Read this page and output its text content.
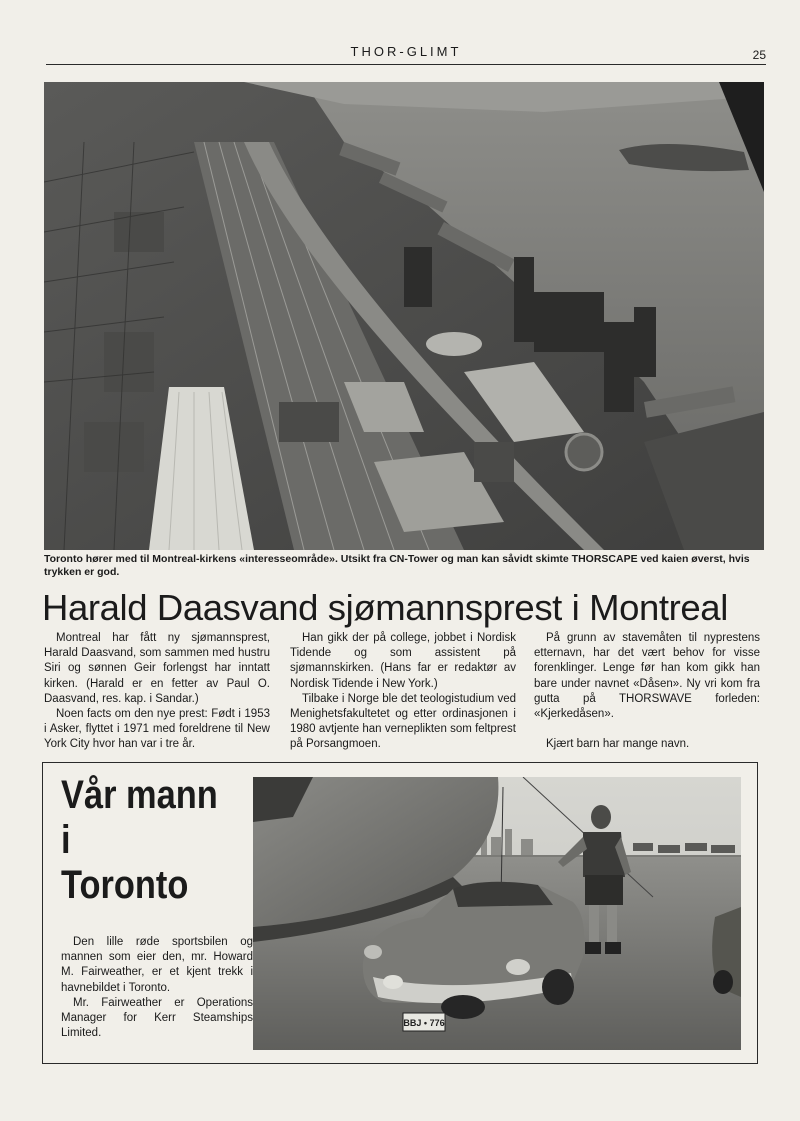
THOR-GLIMT	25
Toronto hører med til Montreal-kirkens «interesseområde». Utsikt fra CN-Tower og man kan såvidt skimte THORSCAPE ved kaien øverst, hvis trykken er god.
Harald Daasvand sjømannsprest i Montreal

Montreal har fått ny sjømannsprest, Harald Daasvand, som sammen med hustru Siri og sønnen Geir forlengst har inntatt kirken. (Harald er en fetter av Paul O. Daasvand, res. kap. i Sandar.)

Noen facts om den nye prest: Født i 1953 i Asker, flyttet i 1971 med foreldrene til New York City hvor han var i tre år.

Han gikk der på college, jobbet i Nordisk Tidende og som assistent på sjømannskirken. (Hans far er redaktør av Nordisk Tidende i New York.)

Tilbake i Norge ble det teologistudium ved Menighetsfakultetet og etter ordinasjonen i 1980 avtjente han verneplikten som feltprest på Porsangmoen.

På grunn av stavemåten til nyprestens etternavn, har det vært behov for visse forenklinger. Lenge før han kom gikk han bare under navnet «Dåsen». Ny vri kom fra gutta på THORSWAVE forleden: «Kjerkedåsen».

Kjært barn har mange navn.

Vår mann
i
Toronto

Den lille røde sportsbilen og mannen som eier den, mr. Howard M. Fairweather, er et kjent trekk i havnebildet i Toronto.

Mr. Fairweather er Operations Manager for Kerr Steamships Limited.

BBJ • 776
